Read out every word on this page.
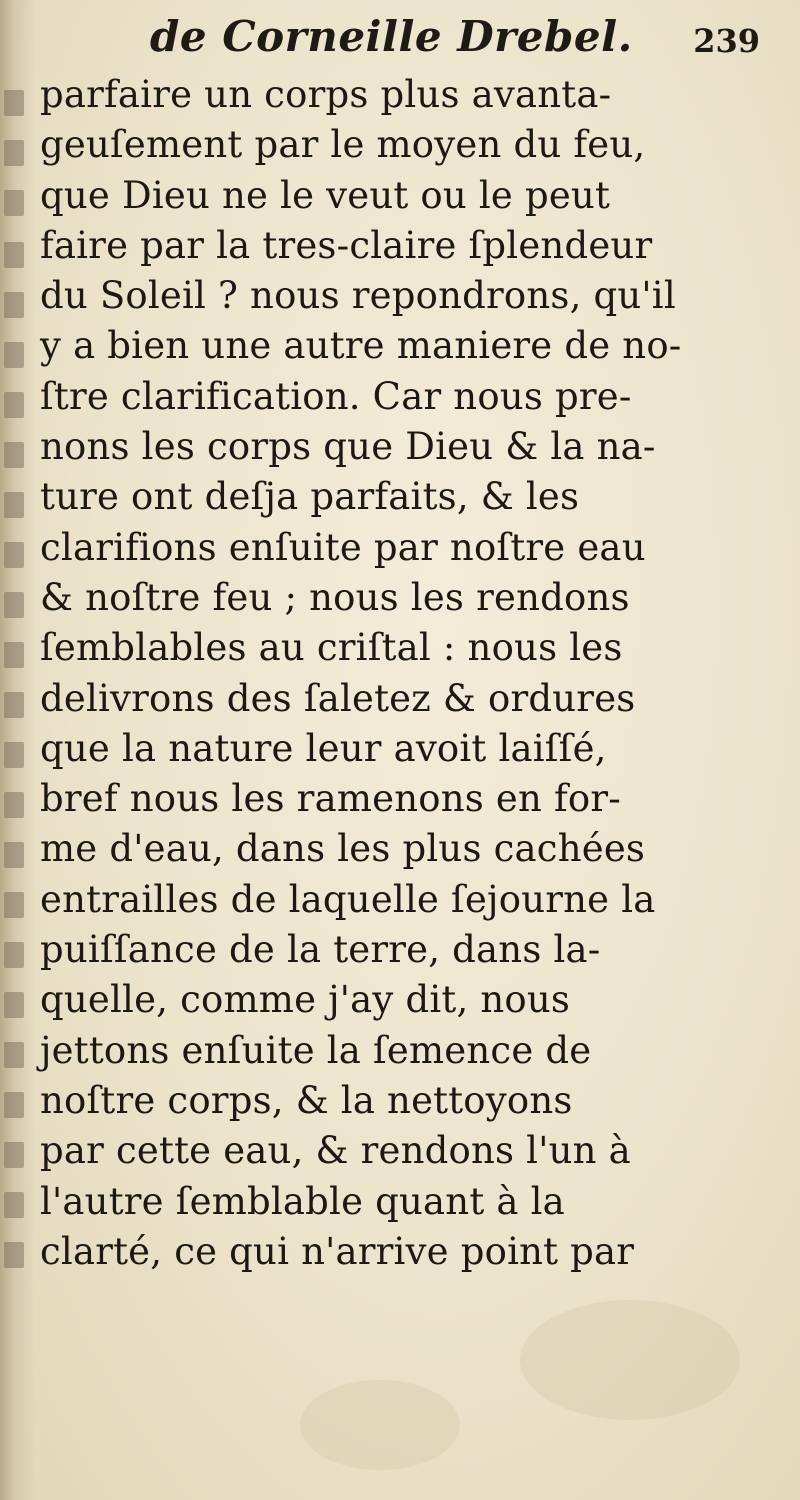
de Corneille Drebel. 239
parfaire un corps plus avanta-
geuſement par le moyen du feu,
que Dieu ne le veut ou le peut
faire par la tres-claire ſplendeur
du Soleil ? nous repondrons, qu'il
y a bien une autre maniere de no-
ſtre clarification. Car nous pre-
nons les corps que Dieu & la na-
ture ont deſja parfaits, & les
clarifions enſuite par noſtre eau
& noſtre feu ; nous les rendons
ſemblables au criſtal : nous les
delivrons des ſaletez & ordures
que la nature leur avoit laiſſé,
bref nous les ramenons en for-
me d'eau, dans les plus cachées
entrailles de laquelle ſejourne la
puiſſance de la terre, dans la-
quelle, comme j'ay dit, nous
jettons enſuite la ſemence de
noſtre corps, & la nettoyons
par cette eau, & rendons l'un à
l'autre ſemblable quant à la
clarté, ce qui n'arrive point par
